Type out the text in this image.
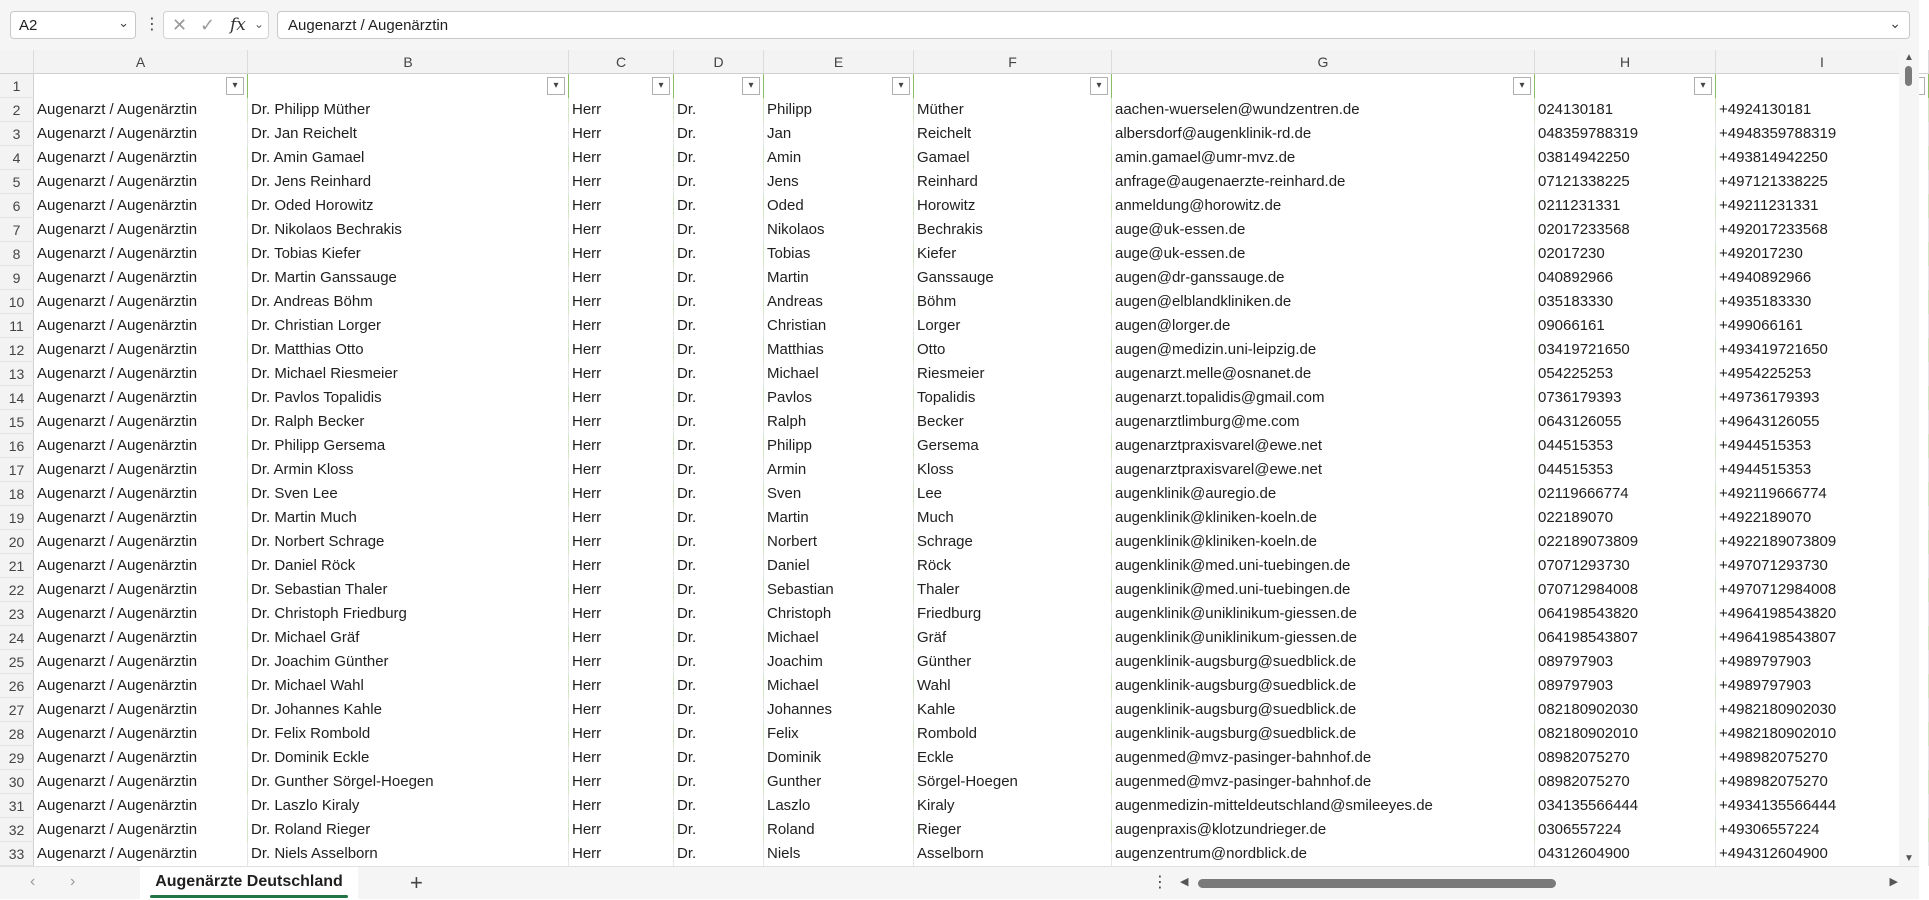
A2	⌄ ⋮ ✕ ✓ fx ⌄	Augenarzt / Augenärztin	⌄
A	B	C	D	E	F	G	H	I
1
2
3
4
5
6
7
8
9
10
11
12
13
14
15
16
17
18
19
20
21
22
23
24
25
26
27
28
29
30
31
32
33
Fachrichtung	▾ Name	▾ Anrede	▾ Titel	▾ Vorname	▾ Nachname	▾ E-Mail	▾ Telefon DE. Format	▾ Telefon Int. Format
Augenarzt / Augenärztin	Dr. Philipp Müther	Herr	Dr.	Philipp	Müther	aachen-wuerselen@wundzentren.de	024130181	+4924130181
Augenarzt / Augenärztin	Dr. Jan Reichelt	Herr	Dr.	Jan	Reichelt	albersdorf@augenklinik-rd.de	048359788319	+4948359788319
Augenarzt / Augenärztin	Dr. Amin Gamael	Herr	Dr.	Amin	Gamael	amin.gamael@umr-mvz.de	03814942250	+493814942250
Augenarzt / Augenärztin	Dr. Jens Reinhard	Herr	Dr.	Jens	Reinhard	anfrage@augenaerzte-reinhard.de	07121338225	+497121338225
Augenarzt / Augenärztin	Dr. Oded Horowitz	Herr	Dr.	Oded	Horowitz	anmeldung@horowitz.de	0211231331	+49211231331
Augenarzt / Augenärztin	Dr. Nikolaos Bechrakis	Herr	Dr.	Nikolaos	Bechrakis	auge@uk-essen.de	02017233568	+492017233568
Augenarzt / Augenärztin	Dr. Tobias Kiefer	Herr	Dr.	Tobias	Kiefer	auge@uk-essen.de	02017230	+492017230
Augenarzt / Augenärztin	Dr. Martin Ganssauge	Herr	Dr.	Martin	Ganssauge	augen@dr-ganssauge.de	040892966	+4940892966
Augenarzt / Augenärztin	Dr. Andreas Böhm	Herr	Dr.	Andreas	Böhm	augen@elblandkliniken.de	035183330	+4935183330
Augenarzt / Augenärztin	Dr. Christian Lorger	Herr	Dr.	Christian	Lorger	augen@lorger.de	09066161	+499066161
Augenarzt / Augenärztin	Dr. Matthias Otto	Herr	Dr.	Matthias	Otto	augen@medizin.uni-leipzig.de	03419721650	+493419721650
Augenarzt / Augenärztin	Dr. Michael Riesmeier	Herr	Dr.	Michael	Riesmeier	augenarzt.melle@osnanet.de	054225253	+4954225253
Augenarzt / Augenärztin	Dr. Pavlos Topalidis	Herr	Dr.	Pavlos	Topalidis	augenarzt.topalidis@gmail.com	0736179393	+49736179393
Augenarzt / Augenärztin	Dr. Ralph Becker	Herr	Dr.	Ralph	Becker	augenarztlimburg@me.com	0643126055	+49643126055
Augenarzt / Augenärztin	Dr. Philipp Gersema	Herr	Dr.	Philipp	Gersema	augenarztpraxisvarel@ewe.net	044515353	+4944515353
Augenarzt / Augenärztin	Dr. Armin Kloss	Herr	Dr.	Armin	Kloss	augenarztpraxisvarel@ewe.net	044515353	+4944515353
Augenarzt / Augenärztin	Dr. Sven Lee	Herr	Dr.	Sven	Lee	augenklinik@auregio.de	02119666774	+492119666774
Augenarzt / Augenärztin	Dr. Martin Much	Herr	Dr.	Martin	Much	augenklinik@kliniken-koeln.de	022189070	+4922189070
Augenarzt / Augenärztin	Dr. Norbert Schrage	Herr	Dr.	Norbert	Schrage	augenklinik@kliniken-koeln.de	022189073809	+4922189073809
Augenarzt / Augenärztin	Dr. Daniel Röck	Herr	Dr.	Daniel	Röck	augenklinik@med.uni-tuebingen.de	07071293730	+497071293730
Augenarzt / Augenärztin	Dr. Sebastian Thaler	Herr	Dr.	Sebastian	Thaler	augenklinik@med.uni-tuebingen.de	070712984008	+4970712984008
Augenarzt / Augenärztin	Dr. Christoph Friedburg	Herr	Dr.	Christoph	Friedburg	augenklinik@uniklinikum-giessen.de	064198543820	+4964198543820
Augenarzt / Augenärztin	Dr. Michael Gräf	Herr	Dr.	Michael	Gräf	augenklinik@uniklinikum-giessen.de	064198543807	+4964198543807
Augenarzt / Augenärztin	Dr. Joachim Günther	Herr	Dr.	Joachim	Günther	augenklinik-augsburg@suedblick.de	089797903	+4989797903
Augenarzt / Augenärztin	Dr. Michael Wahl	Herr	Dr.	Michael	Wahl	augenklinik-augsburg@suedblick.de	089797903	+4989797903
Augenarzt / Augenärztin	Dr. Johannes Kahle	Herr	Dr.	Johannes	Kahle	augenklinik-augsburg@suedblick.de	082180902030	+4982180902030
Augenarzt / Augenärztin	Dr. Felix Rombold	Herr	Dr.	Felix	Rombold	augenklinik-augsburg@suedblick.de	082180902010	+4982180902010
Augenarzt / Augenärztin	Dr. Dominik Eckle	Herr	Dr.	Dominik	Eckle	augenmed@mvz-pasinger-bahnhof.de	08982075270	+498982075270
Augenarzt / Augenärztin	Dr. Gunther Sörgel-Hoegen	Herr	Dr.	Gunther	Sörgel-Hoegen	augenmed@mvz-pasinger-bahnhof.de	08982075270	+498982075270
Augenarzt / Augenärztin	Dr. Laszlo Kiraly	Herr	Dr.	Laszlo	Kiraly	augenmedizin-mitteldeutschland@smileeyes.de	034135566444	+4934135566444
Augenarzt / Augenärztin	Dr. Roland Rieger	Herr	Dr.	Roland	Rieger	augenpraxis@klotzundrieger.de	0306557224	+49306557224
Augenarzt / Augenärztin	Dr. Niels Asselborn	Herr	Dr.	Niels	Asselborn	augenzentrum@nordblick.de	04312604900	+494312604900
▲
▼
‹ ›	Augenärzte Deutschland	+	⋮ ◀	▶
